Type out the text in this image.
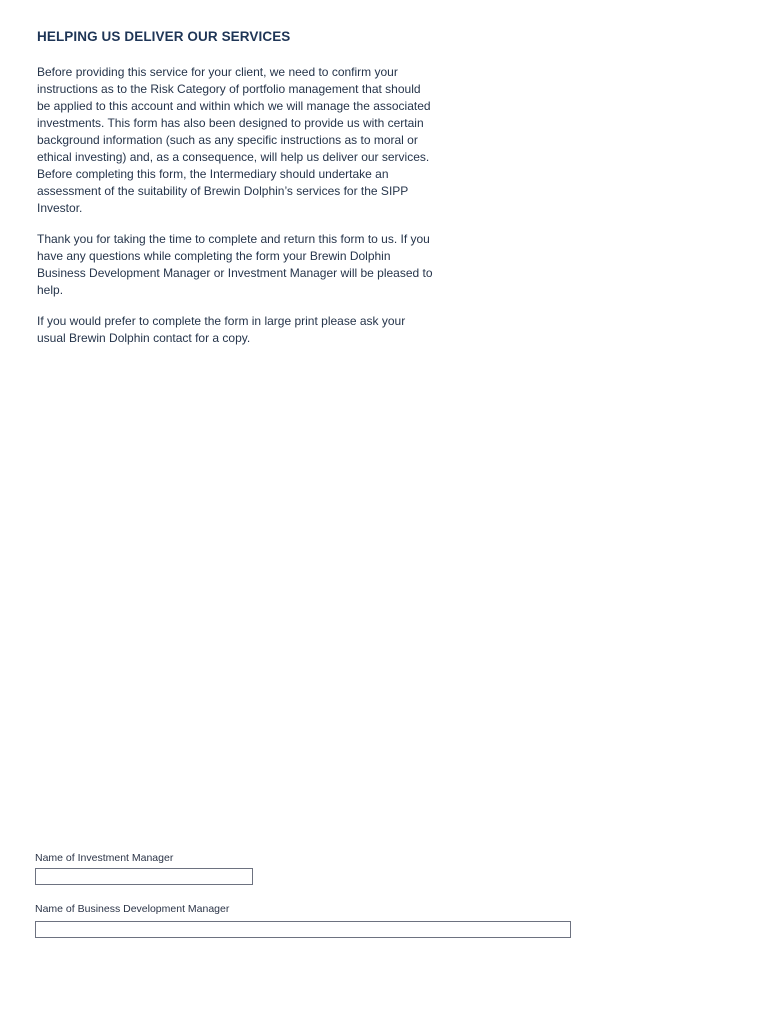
HELPING US DELIVER OUR SERVICES

Before providing this service for your client, we need to confirm your instructions as to the Risk Category of portfolio management that should be applied to this account and within which we will manage the associated investments. This form has also been designed to provide us with certain background information (such as any specific instructions as to moral or ethical investing) and, as a consequence, will help us deliver our services. Before completing this form, the Intermediary should undertake an assessment of the suitability of Brewin Dolphin’s services for the SIPP Investor.

Thank you for taking the time to complete and return this form to us. If you have any questions while completing the form your Brewin Dolphin Business Development Manager or Investment Manager will be pleased to help.

If you would prefer to complete the form in large print please ask your usual Brewin Dolphin contact for a copy.

Name of Investment Manager
Name of Business Development Manager
